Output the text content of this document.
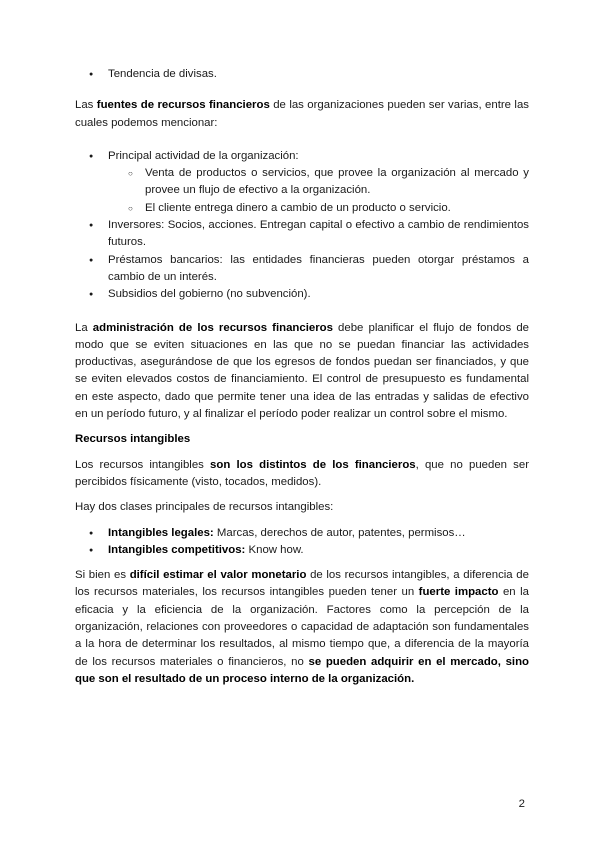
● Tendencia de divisas.

Las fuentes de recursos financieros de las organizaciones pueden ser varias, entre las cuales podemos mencionar:

● Principal actividad de la organización:
○ Venta de productos o servicios, que provee la organización al mercado y provee un flujo de efectivo a la organización.
○ El cliente entrega dinero a cambio de un producto o servicio.
● Inversores: Socios, acciones. Entregan capital o efectivo a cambio de rendimientos futuros.
● Préstamos bancarios: las entidades financieras pueden otorgar préstamos a cambio de un interés.
● Subsidios del gobierno (no subvención).

La administración de los recursos financieros debe planificar el flujo de fondos de modo que se eviten situaciones en las que no se puedan financiar las actividades productivas, asegurándose de que los egresos de fondos puedan ser financiados, y que se eviten elevados costos de financiamiento. El control de presupuesto es fundamental en este aspecto, dado que permite tener una idea de las entradas y salidas de efectivo en un período futuro, y al finalizar el período poder realizar un control sobre el mismo.

Recursos intangibles

Los recursos intangibles son los distintos de los financieros, que no pueden ser percibidos físicamente (visto, tocados, medidos).

Hay dos clases principales de recursos intangibles:

● Intangibles legales: Marcas, derechos de autor, patentes, permisos…
● Intangibles competitivos: Know how.

Si bien es difícil estimar el valor monetario de los recursos intangibles, a diferencia de los recursos materiales, los recursos intangibles pueden tener un fuerte impacto en la eficacia y la eficiencia de la organización. Factores como la percepción de la organización, relaciones con proveedores o capacidad de adaptación son fundamentales a la hora de determinar los resultados, al mismo tiempo que, a diferencia de la mayoría de los recursos materiales o financieros, no se pueden adquirir en el mercado, sino que son el resultado de un proceso interno de la organización.

2
